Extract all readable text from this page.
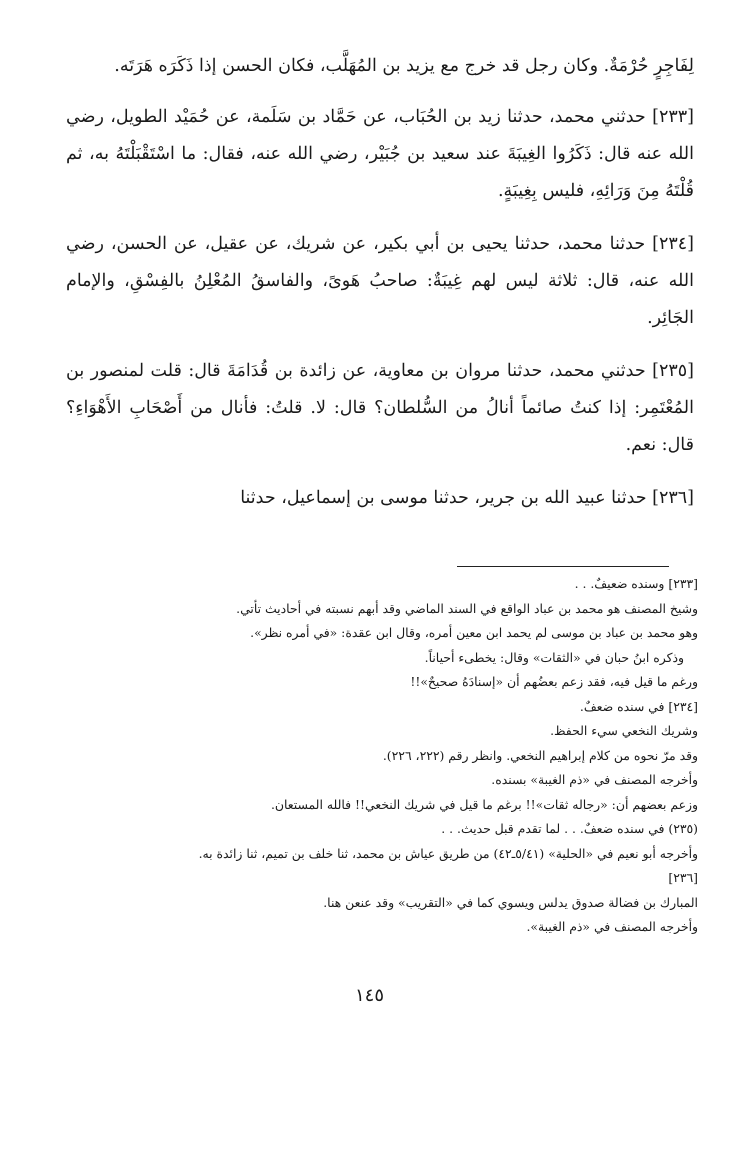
لِفَاجِرٍ حُرْمَةٌ. وكان رجل قد خرج مع يزيد بن المُهَلَّب، فكان الحسن إذا ذَكَرَه هَرَتَه.

[٢٣٣] حدثني محمد، حدثنا زيد بن الحُبَاب، عن حَمَّاد بن سَلَمة، عن حُمَيْد الطويل، رضي الله عنه قال: ذَكَرُوا الغِيبَةَ عند سعيد بن جُبَيْر، رضي الله عنه، فقال: ما اسْتَقْبَلْتَهُ به، ثم قُلْتَهُ مِنَ وَرَائِهِ، فليس بِغِيبَةٍ.

[٢٣٤] حدثنا محمد، حدثنا يحيى بن أبي بكير، عن شريك، عن عقيل، عن الحسن، رضي الله عنه، قال: ثلاثة ليس لهم غِيبَةٌ: صاحبُ هَوىً، والفاسقُ المُعْلِنُ بالفِسْقِ، والإمام الجَائِر.

[٢٣٥] حدثني محمد، حدثنا مروان بن معاوية، عن زائدة بن قُدَامَةَ قال: قلت لمنصور بن المُعْتَمِر: إذا كنتُ صائماً أنالُ من السُّلطان؟ قال: لا. قلتُ: فأنال من أَصْحَابِ الأَهْوَاءِ؟ قال: نعم.

[٢٣٦] حدثنا عبيد الله بن جرير، حدثنا موسى بن إسماعيل، حدثنا

[٢٣٣] وسنده ضعيفٌ. . .
وشيخ المصنف هو محمد بن عباد الواقع في السند الماضي وقد أبهم نسبته في أحاديث تأتي.
وهو محمد بن عباد بن موسى لم يحمد ابن معين أمره، وقال ابن عقدة: «في أمره نظر».
وذكره ابنُ حبان في «الثقات» وقال: يخطىء أحياناً.
ورغم ما قيل فيه، فقد زعم بعضُهم أن «إسنادَهُ صحيحٌ»!!
[٢٣٤] في سنده ضعفٌ.
وشريك النخعي سيء الحفظ.
وقد مرّ نحوه من كلام إبراهيم النخعي. وانظر رقم (٢٢٢، ٢٢٦).
وأخرجه المصنف في «ذم الغيبة» بسنده.
وزعم بعضهم أن: «رجاله ثقات»!! برغم ما قيل في شريك النخعي!! فالله المستعان.
(٢٣٥) في سنده ضعفٌ. . . لما تقدم قبل حديث. . .
وأخرجه أبو نعيم في «الحلية» (٥/٤١ـ٤٢) من طريق عياش بن محمد، ثنا خلف بن تميم، ثنا زائدة به.
[٢٣٦]
المبارك بن فضالة صدوق يدلس ويسوي كما في «التقريب» وقد عنعن هنا.
وأخرجه المصنف في «ذم الغيبة».
١٤٥
